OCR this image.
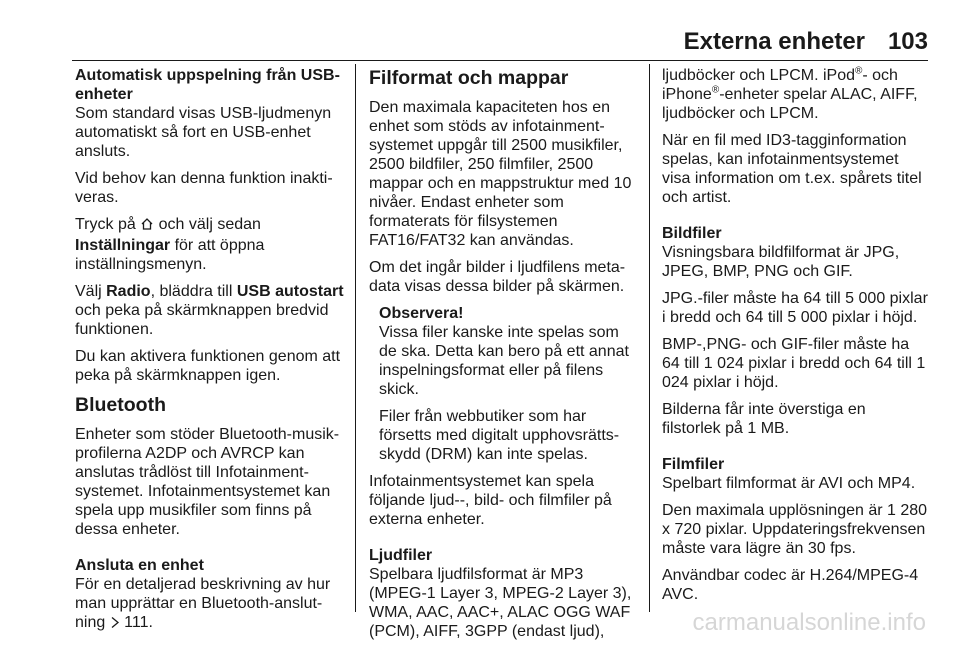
Externa enheter 103
Automatisk uppspelning från USB-enheter

Som standard visas USB-ljudmenyn automatiskt så fort en USB-enhet ansluts.

Vid behov kan denna funktion inakti-veras.

Tryck på  och välj sedan
Inställningar för att öppna inställningsmenyn.

Välj Radio, bläddra till USB autostart och peka på skärmknappen bredvid funktionen.

Du kan aktivera funktionen genom att peka på skärmknappen igen.

Bluetooth

Enheter som stöder Bluetooth-musik-profilerna A2DP och AVRCP kan anslutas trådlöst till Infotainment-systemet. Infotainmentsystemet kan spela upp musikfiler som finns på dessa enheter.

Ansluta en enhet

För en detaljerad beskrivning av hur man upprättar en Bluetooth-anslut-ning  111.

Filformat och mappar

Den maximala kapaciteten hos en enhet som stöds av infotainment-systemet uppgår till 2500 musikfiler, 2500 bildfiler, 250 filmfiler, 2500 mappar och en mappstruktur med 10 nivåer. Endast enheter som formaterats för filsystemen FAT16/FAT32 kan användas.

Om det ingår bilder i ljudfilens meta-data visas dessa bilder på skärmen.

Observera!

Vissa filer kanske inte spelas som de ska. Detta kan bero på ett annat inspelningsformat eller på filens skick.

Filer från webbutiker som har försetts med digitalt upphovsrätts-skydd (DRM) kan inte spelas.

Infotainmentsystemet kan spela följande ljud--, bild- och filmfiler på externa enheter.

Ljudfiler

Spelbara ljudfilsformat är MP3 (MPEG-1 Layer 3, MPEG-2 Layer 3), WMA, AAC, AAC+, ALAC OGG WAF (PCM), AIFF, 3GPP (endast ljud),

ljudböcker och LPCM. iPod®- och iPhone®-enheter spelar ALAC, AIFF, ljudböcker och LPCM.

När en fil med ID3-tagginformation spelas, kan infotainmentsystemet visa information om t.ex. spårets titel och artist.

Bildfiler

Visningsbara bildfilformat är JPG, JPEG, BMP, PNG och GIF.

JPG.-filer måste ha 64 till 5 000 pixlar i bredd och 64 till 5 000 pixlar i höjd.

BMP-,PNG- och GIF-filer måste ha 64 till 1 024 pixlar i bredd och 64 till 1 024 pixlar i höjd.

Bilderna får inte överstiga en filstorlek på 1 MB.

Filmfiler

Spelbart filmformat är AVI och MP4.

Den maximala upplösningen är 1 280 x 720 pixlar. Uppdateringsfrekvensen måste vara lägre än 30 fps.

Användbar codec är H.264/MPEG-4 AVC.

carmanualsonline.info
